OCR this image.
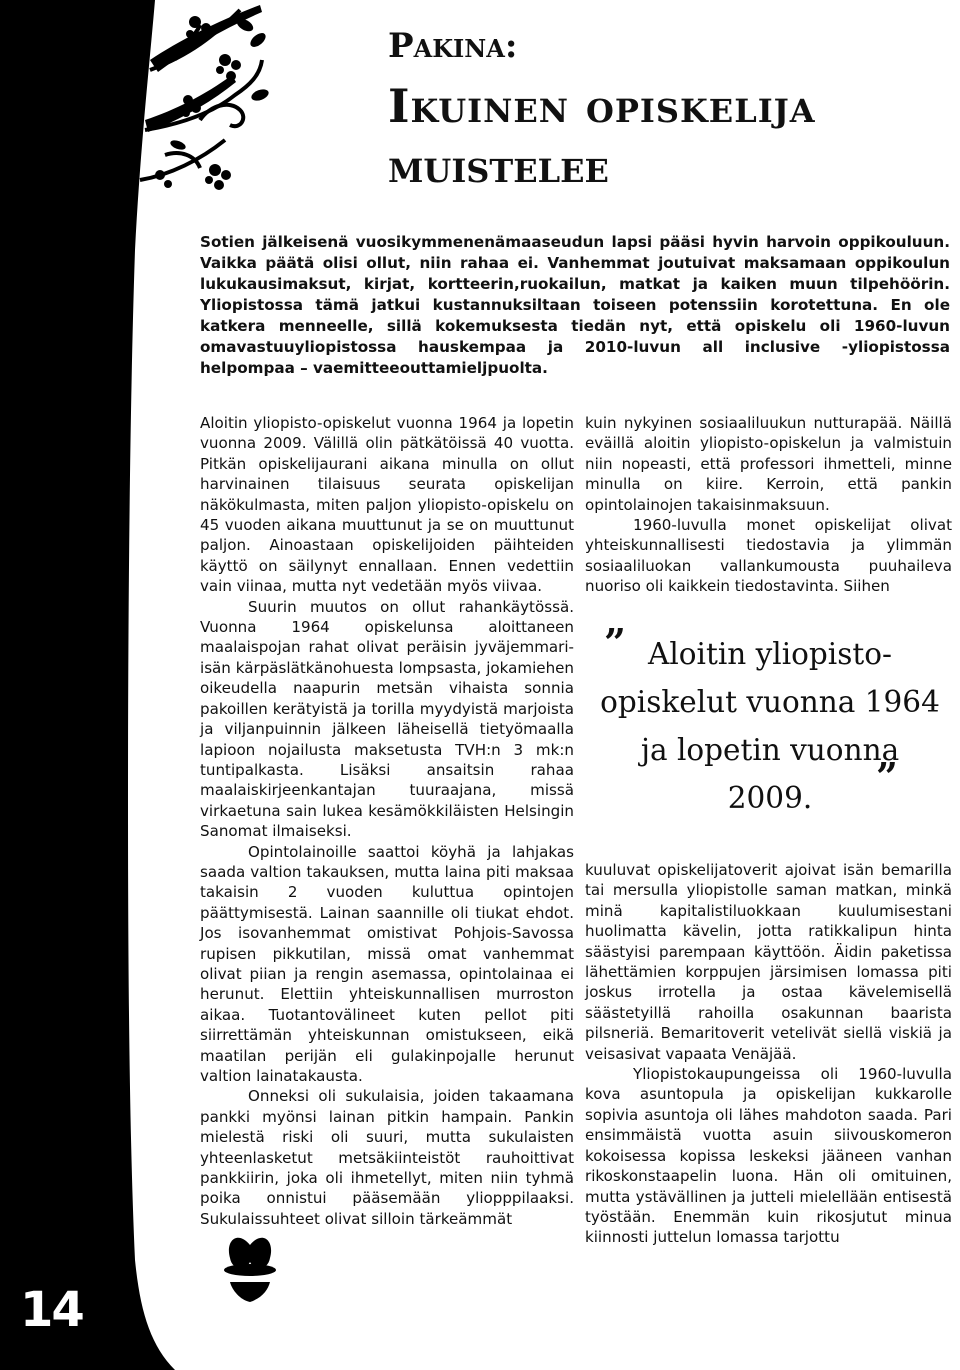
14
Pakina:
Ikuinen opiskelija
muistelee
Sotien jälkeisenä vuosikymmenenämaaseudun lapsi pääsi hyvin harvoin oppikouluun. Vaikka päätä olisi ollut, niin rahaa ei. Vanhemmat joutuivat maksamaan oppikoulun lukukausimaksut, kirjat, kortteerin,ruokailun, matkat ja kaiken muun tilpehöörin. Yliopistossa tämä jatkui kustannuksiltaan toiseen potenssiin korotettuna. En ole katkera menneelle, sillä kokemuksesta tiedän nyt, että opiskelu oli 1960-luvun omavastuuyliopistossa hauskempaa ja 2010-luvun all inclusive -yliopistossa helpompaa – vaemitteeouttamieljpuolta.

Aloitin yliopisto-opiskelut vuonna 1964 ja lopetin vuonna 2009. Välillä olin pätkätöissä 40 vuotta. Pitkän opiskelijaurani aikana minulla on ollut harvinainen tilaisuus seurata opiskelijan näkökulmasta, miten paljon yliopisto-opiskelu on 45 vuoden aikana muuttunut ja se on muuttunut paljon. Ainoastaan opiskelijoiden päihteiden käyttö on säilynyt ennallaan. Ennen vedettiin vain viinaa, mutta nyt vedetään myös viivaa.

Suurin muutos on ollut rahankäytössä. Vuonna 1964 opiskelunsa aloittaneen maalaispojan rahat olivat peräisin jyväjemmari-isän kärpäslätkänohuesta lompsasta, jokamiehen oikeudella naapurin metsän vihaista sonnia pakoillen kerätyistä ja torilla myydyistä marjoista ja viljanpuinnin jälkeen läheisellä tietyömaalla lapioon nojailusta maksetusta TVH:n 3 mk:n tuntipalkasta. Lisäksi ansaitsin rahaa maalaiskirjeenkantajan tuuraajana, missä virkaetuna sain lukea kesämökkiläisten Helsingin Sanomat ilmaiseksi.

Opintolainoille saattoi köyhä ja lahjakas saada valtion takauksen, mutta laina piti maksaa takaisin 2 vuoden kuluttua opintojen päättymisestä. Lainan saannille oli tiukat ehdot. Jos isovanhemmat omistivat Pohjois-Savossa rupisen pikkutilan, missä omat vanhemmat olivat piian ja rengin asemassa, opintolainaa ei herunut. Elettiin yhteiskunnallisen murroston aikaa. Tuotantovälineet kuten pellot piti siirrettämän yhteiskunnan omistukseen, eikä maatilan perijän eli gulakinpojalle herunut valtion lainatakausta.

Onneksi oli sukulaisia, joiden takaamana pankki myönsi lainan pitkin hampain. Pankin mielestä riski oli suuri, mutta sukulaisten yhteenlasketut metsäkiinteistöt rauhoittivat pankkiirin, joka oli ihmetellyt, miten niin tyhmä poika onnistui pääsemään yliopppilaaksi. Sukulaissuhteet olivat silloin tärkeämmät

kuin nykyinen sosiaaliluukun nutturapää. Näillä eväillä aloitin yliopisto-opiskelun ja valmistuin niin nopeasti, että professori ihmetteli, minne minulla on kiire. Kerroin, että pankin opintolainojen takaisinmaksuun.

1960-luvulla monet opiskelijat olivat yhteiskunnallisesti tiedostavia ja ylimmän sosiaaliluokan vallankumousta puuhaileva nuoriso oli kaikkein tiedostavinta. Siihen

” Aloitin yliopisto-opiskelut vuonna 1964 ja lopetin vuonna 2009.	”

kuuluvat opiskelijatoverit ajoivat isän bemarilla tai mersulla yliopistolle saman matkan, minkä minä kapitalistiluokkaan kuulumisestani huolimatta kävelin, jotta ratikkalipun hinta säästyisi parempaan käyttöön. Äidin paketissa lähettämien korppujen järsimisen lomassa piti joskus irrotella ja ostaa kävelemisellä säästetyillä rahoilla osakunnan baarista pilsneriä. Bemaritoverit vetelivät siellä viskiä ja veisasivat vapaata Venäjää.

Yliopistokaupungeissa oli 1960-luvulla kova asuntopula ja opiskelijan kukkarolle sopivia asuntoja oli lähes mahdoton saada. Pari ensimmäistä vuotta asuin siivouskomeron kokoisessa kopissa leskeksi jääneen vanhan rikoskonstaapelin luona. Hän oli omituinen, mutta ystävällinen ja jutteli mielellään entisestä työstään. Enemmän kuin rikosjutut minua kiinnosti juttelun lomassa tarjottu
